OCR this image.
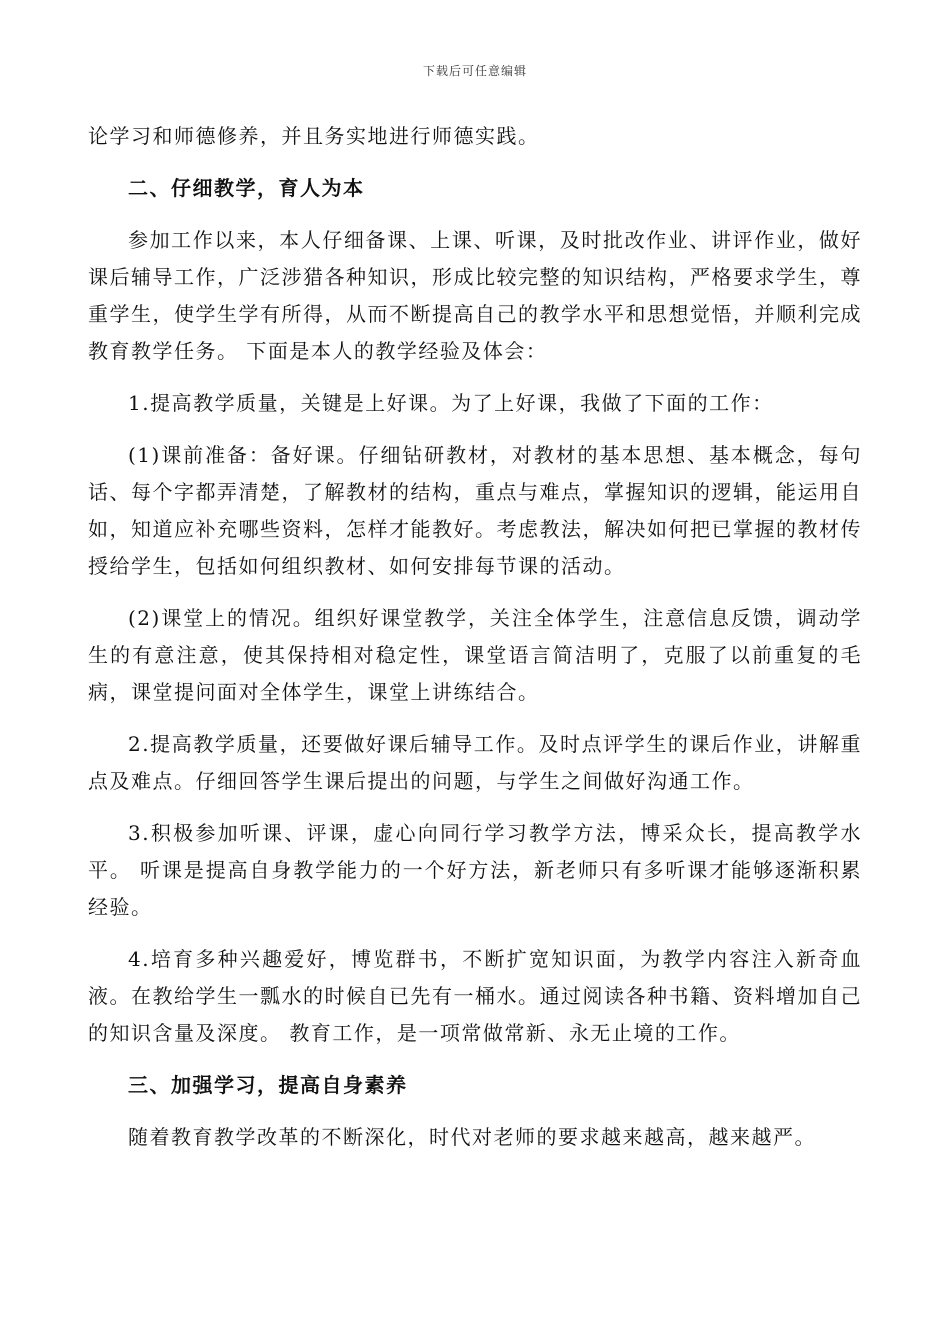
下载后可任意编辑

论学习和师德修养，并且务实地进行师德实践。

二、仔细教学，育人为本

参加工作以来，本人仔细备课、上课、听课，及时批改作业、讲评作业，做好课后辅导工作，广泛涉猎各种知识，形成比较完整的知识结构，严格要求学生，尊重学生，使学生学有所得，从而不断提高自己的教学水平和思想觉悟，并顺利完成教育教学任务。 下面是本人的教学经验及体会：

1.提高教学质量，关键是上好课。为了上好课，我做了下面的工作：

(1)课前准备：备好课。仔细钻研教材，对教材的基本思想、基本概念，每句话、每个字都弄清楚，了解教材的结构，重点与难点，掌握知识的逻辑，能运用自如，知道应补充哪些资料，怎样才能教好。考虑教法，解决如何把已掌握的教材传授给学生，包括如何组织教材、如何安排每节课的活动。

(2)课堂上的情况。组织好课堂教学，关注全体学生，注意信息反馈，调动学生的有意注意，使其保持相对稳定性，课堂语言简洁明了，克服了以前重复的毛病，课堂提问面对全体学生，课堂上讲练结合。

2.提高教学质量，还要做好课后辅导工作。及时点评学生的课后作业，讲解重点及难点。仔细回答学生课后提出的问题，与学生之间做好沟通工作。

3.积极参加听课、评课，虚心向同行学习教学方法，博采众长，提高教学水平。 听课是提高自身教学能力的一个好方法，新老师只有多听课才能够逐渐积累经验。

4.培育多种兴趣爱好，博览群书，不断扩宽知识面，为教学内容注入新奇血液。在教给学生一瓢水的时候自已先有一桶水。通过阅读各种书籍、资料增加自己的知识含量及深度。 教育工作，是一项常做常新、永无止境的工作。

三、加强学习，提高自身素养

随着教育教学改革的不断深化，时代对老师的要求越来越高，越来越严。
